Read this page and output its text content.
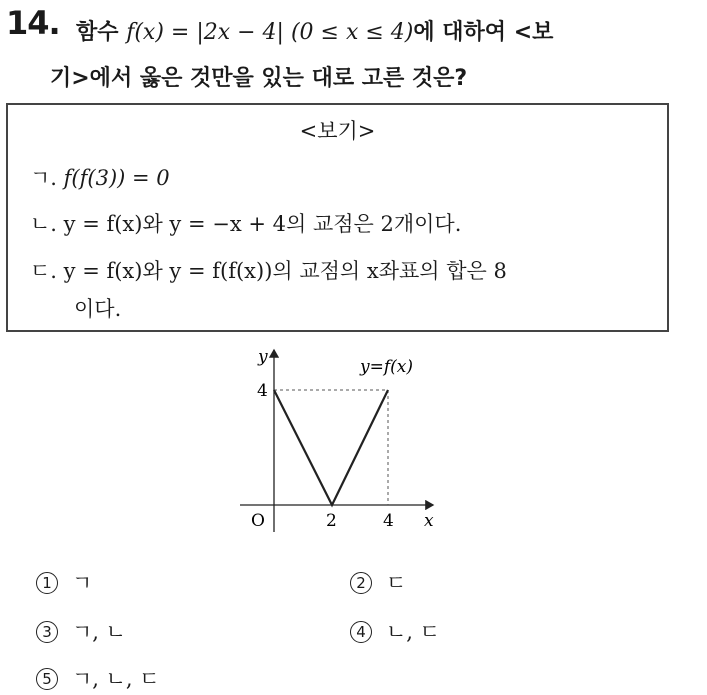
14. 함수 f(x) = |2x − 4| (0 ≤ x ≤ 4)에 대하여 <보
기>에서 옳은 것만을 있는 대로 고른 것은?
<보기>
ㄱ. f(f(3)) = 0
ㄴ. y = f(x)와 y = −x + 4의 교점은 2개이다.
ㄷ. y = f(x)와 y = f(f(x))의 교점의 x좌표의 합은 8
이다.
y
x
O
4
2	4
y=f(x)
1 ㄱ	2 ㄷ
3 ㄱ, ㄴ	4 ㄴ, ㄷ
5 ㄱ, ㄴ, ㄷ
